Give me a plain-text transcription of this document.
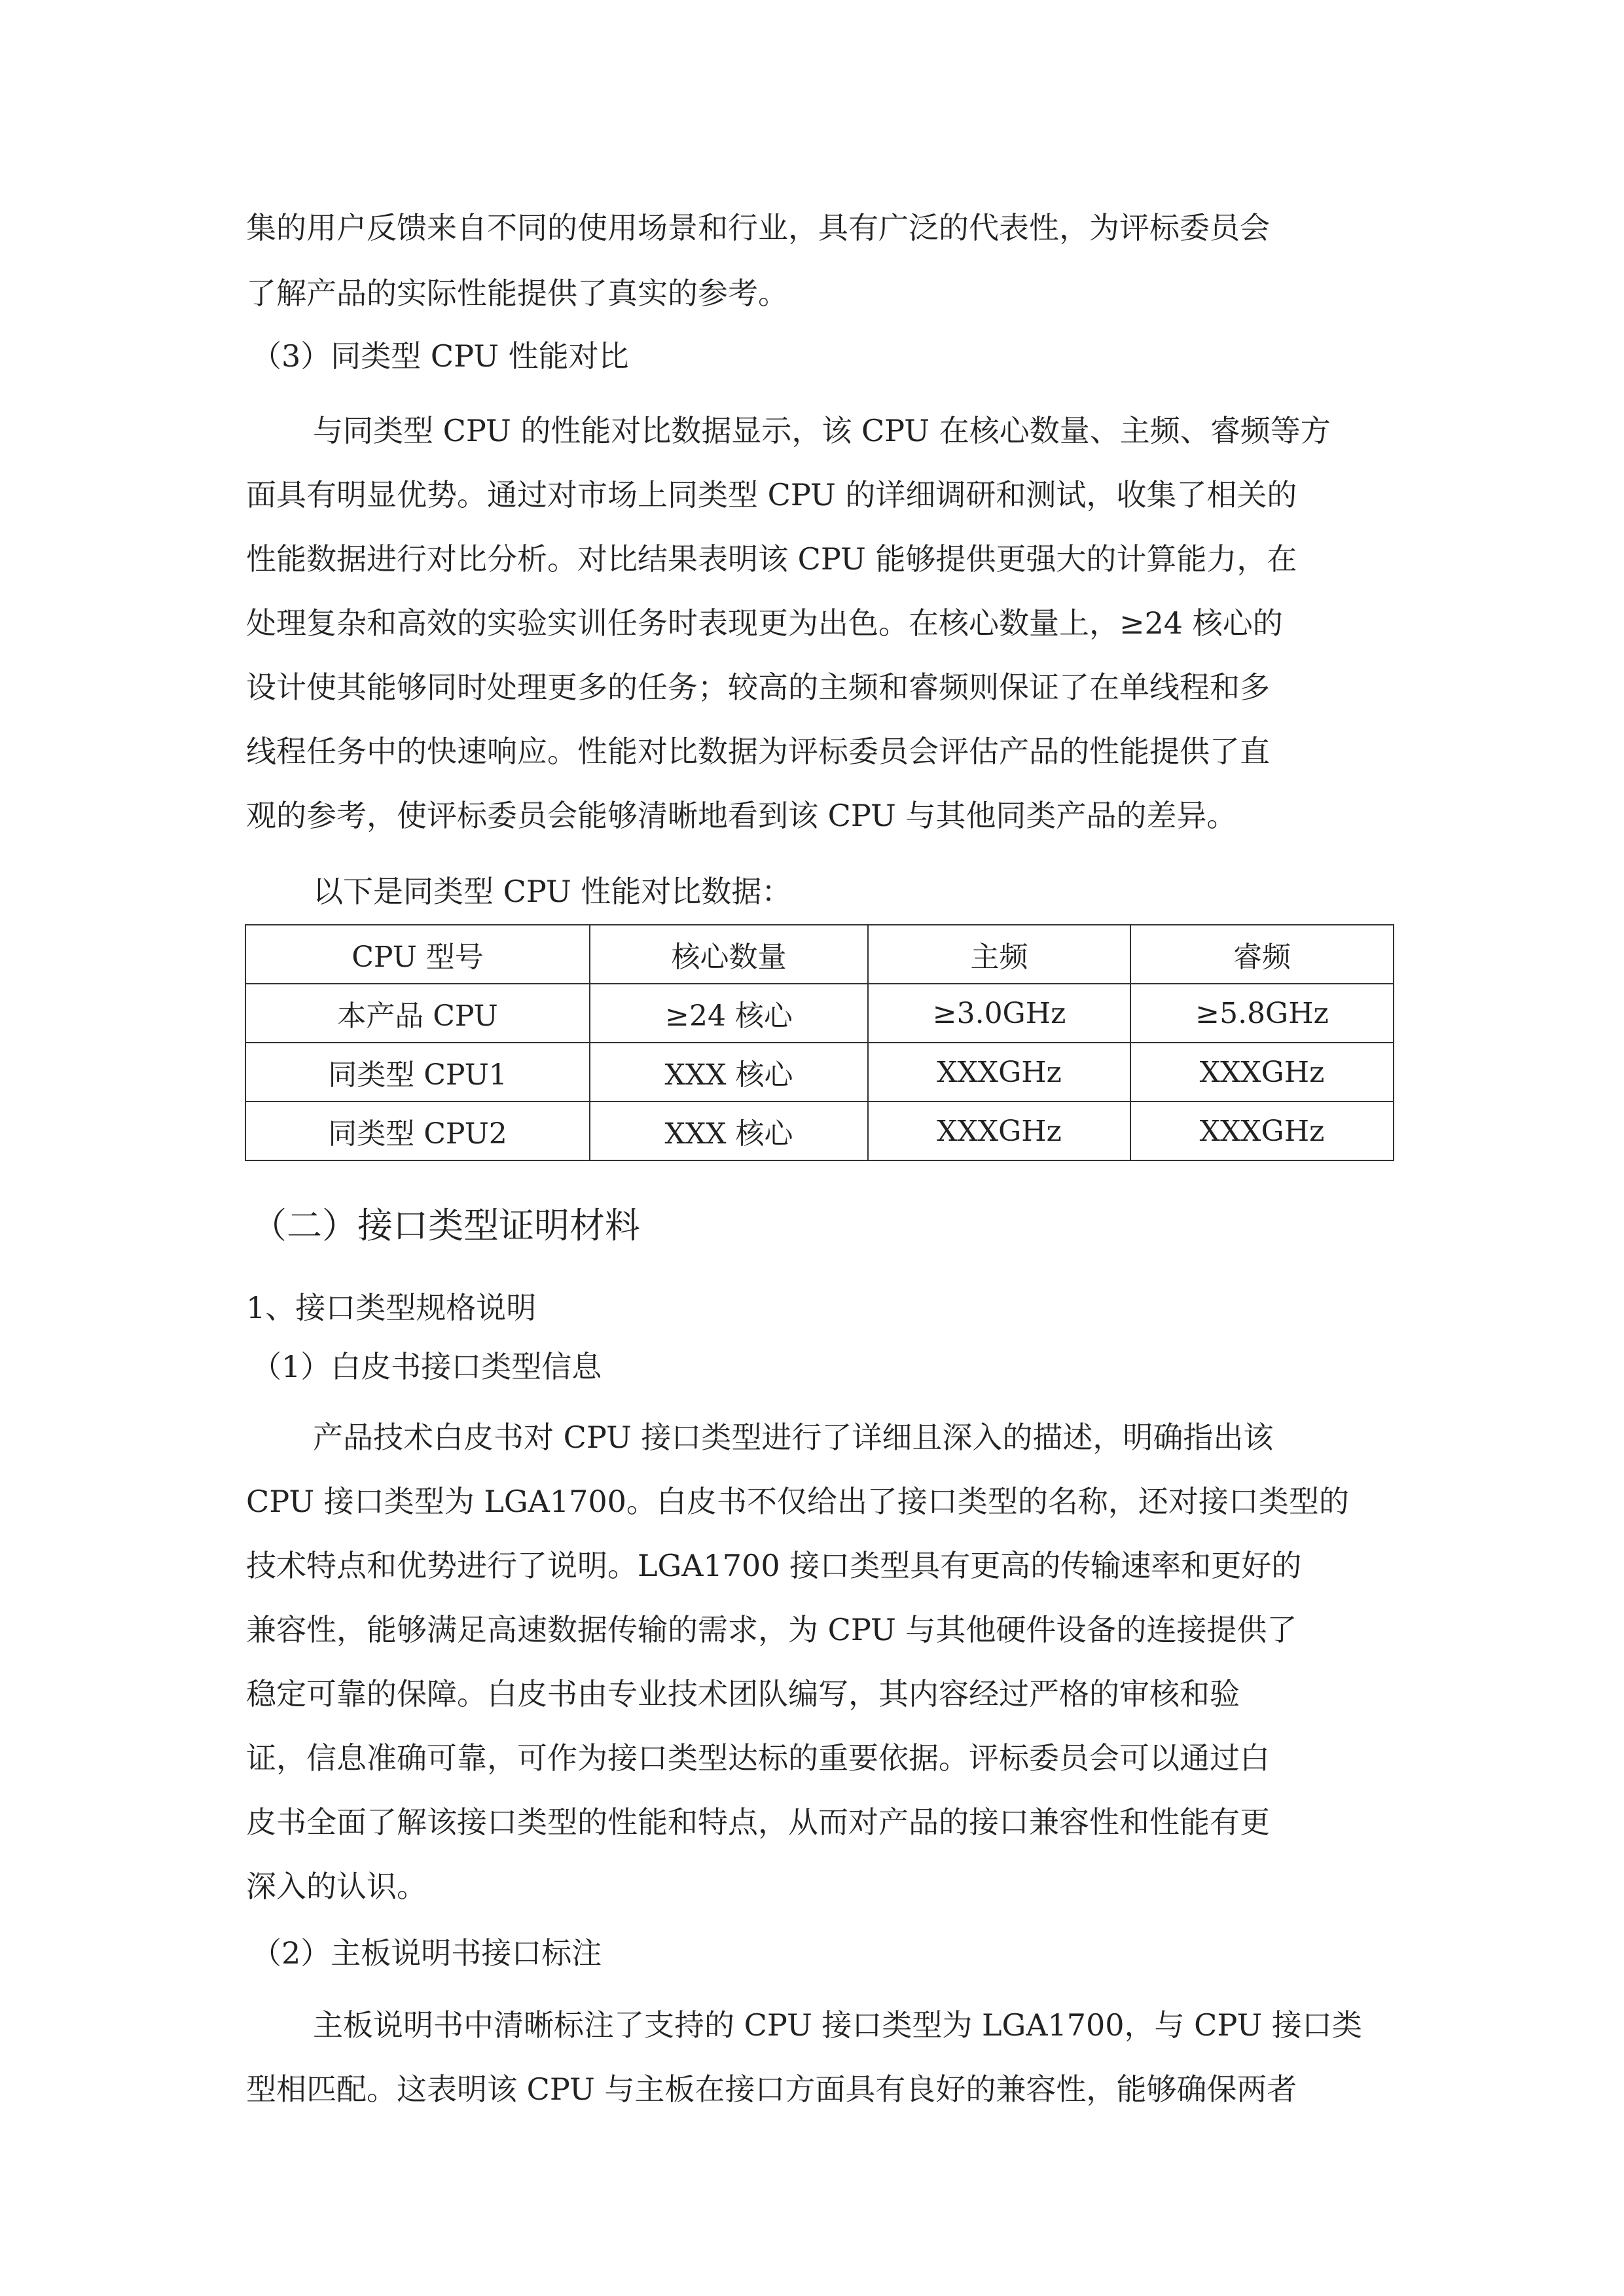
集的用户反馈来自不同的使用场景和行业，具有广泛的代表性，为评标委员会

了解产品的实际性能提供了真实的参考。

（3）同类型 CPU 性能对比

与同类型 CPU 的性能对比数据显示，该 CPU 在核心数量、主频、睿频等方

面具有明显优势。通过对市场上同类型 CPU 的详细调研和测试，收集了相关的

性能数据进行对比分析。对比结果表明该 CPU 能够提供更强大的计算能力，在

处理复杂和高效的实验实训任务时表现更为出色。在核心数量上，≥24 核心的

设计使其能够同时处理更多的任务；较高的主频和睿频则保证了在单线程和多

线程任务中的快速响应。性能对比数据为评标委员会评估产品的性能提供了直

观的参考，使评标委员会能够清晰地看到该 CPU 与其他同类产品的差异。

以下是同类型 CPU 性能对比数据：

CPU 型号	核心数量	主频	睿频
本产品 CPU	≥24 核心	≥3.0GHz	≥5.8GHz
同类型 CPU1	XXX 核心	XXXGHz	XXXGHz
同类型 CPU2	XXX 核心	XXXGHz	XXXGHz
（二）接口类型证明材料

1、接口类型规格说明

（1）白皮书接口类型信息

产品技术白皮书对 CPU 接口类型进行了详细且深入的描述，明确指出该

CPU 接口类型为 LGA1700。白皮书不仅给出了接口类型的名称，还对接口类型的

技术特点和优势进行了说明。LGA1700 接口类型具有更高的传输速率和更好的

兼容性，能够满足高速数据传输的需求，为 CPU 与其他硬件设备的连接提供了

稳定可靠的保障。白皮书由专业技术团队编写，其内容经过严格的审核和验

证，信息准确可靠，可作为接口类型达标的重要依据。评标委员会可以通过白

皮书全面了解该接口类型的性能和特点，从而对产品的接口兼容性和性能有更

深入的认识。

（2）主板说明书接口标注

主板说明书中清晰标注了支持的 CPU 接口类型为 LGA1700，与 CPU 接口类

型相匹配。这表明该 CPU 与主板在接口方面具有良好的兼容性，能够确保两者
